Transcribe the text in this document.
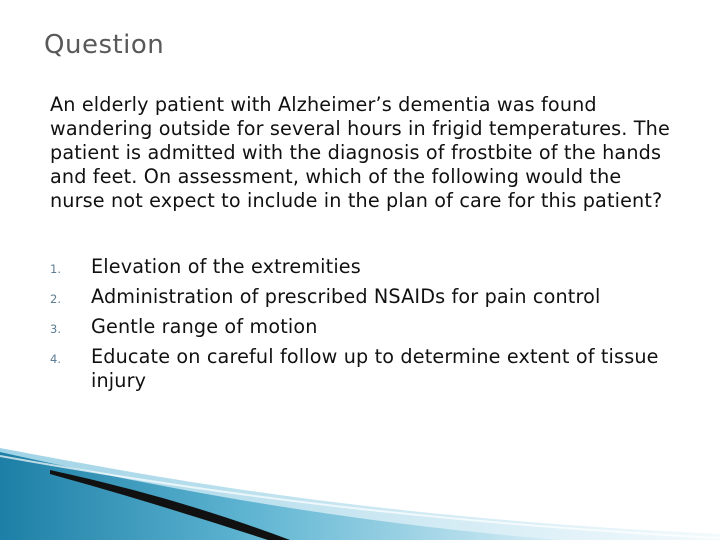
Question

An elderly patient with Alzheimer’s dementia was found wandering outside for several hours in frigid temperatures. The patient is admitted with the diagnosis of frostbite of the hands and feet. On assessment, which of the following would the nurse not expect to include in the plan of care for this patient?

1.	Elevation of the extremities
2.	Administration of prescribed NSAIDs for pain control
3.	Gentle range of motion
4.	Educate on careful follow up to determine extent of tissue injury
